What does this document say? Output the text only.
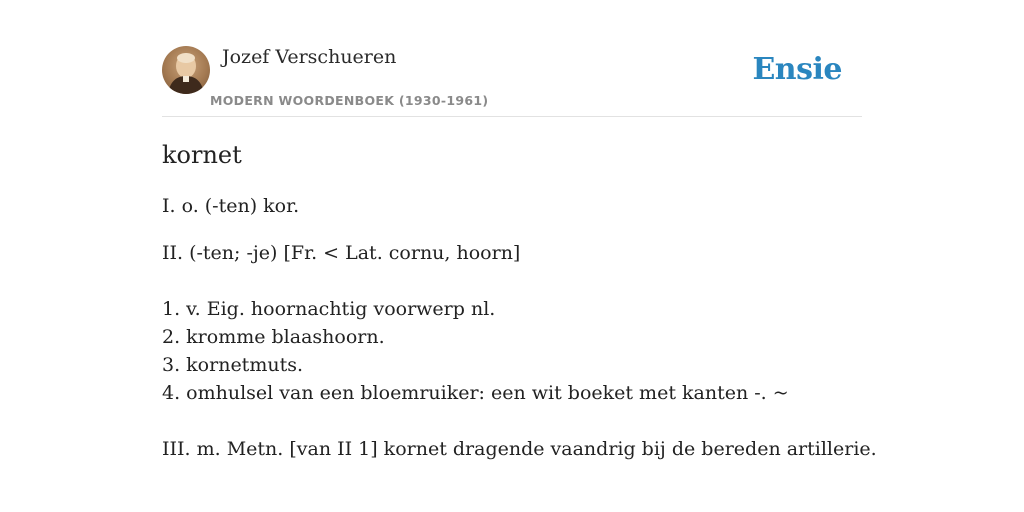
Jozef Verschueren
MODERN WOORDENBOEK (1930-1961)
Ensie
kornet
I. o. (-ten) kor.
II. (-ten; -je) [Fr. < Lat. cornu, hoorn]
1. v. Eig. hoornachtig voorwerp nl.
2. kromme blaashoorn.
3. kornetmuts.
4. omhulsel van een bloemruiker: een wit boeket met kanten -. ~
III. m. Metn. [van II 1] kornet dragende vaandrig bij de bereden artillerie.
